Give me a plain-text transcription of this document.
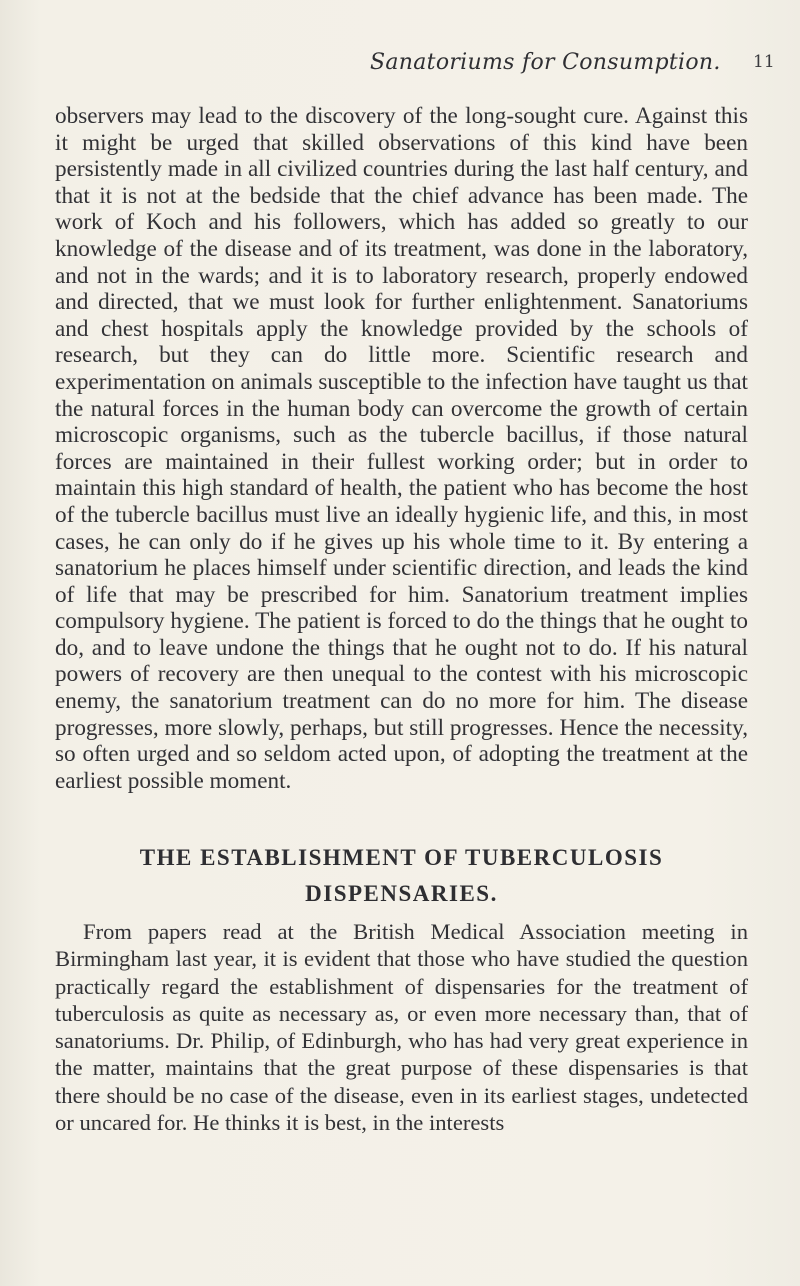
Sanatoriums for Consumption. 11

observers may lead to the discovery of the long-sought cure. Against this it might be urged that skilled observations of this kind have been persistently made in all civilized countries during the last half century, and that it is not at the bedside that the chief advance has been made. The work of Koch and his followers, which has added so greatly to our knowledge of the disease and of its treatment, was done in the laboratory, and not in the wards; and it is to laboratory research, properly endowed and directed, that we must look for further enlightenment. Sanatoriums and chest hospitals apply the knowledge provided by the schools of research, but they can do little more. Scientific research and experimentation on animals susceptible to the infection have taught us that the natural forces in the human body can overcome the growth of certain microscopic organisms, such as the tubercle bacillus, if those natural forces are maintained in their fullest working order; but in order to maintain this high standard of health, the patient who has become the host of the tubercle bacillus must live an ideally hygienic life, and this, in most cases, he can only do if he gives up his whole time to it. By entering a sanatorium he places himself under scientific direction, and leads the kind of life that may be prescribed for him. Sanatorium treatment implies compulsory hygiene. The patient is forced to do the things that he ought to do, and to leave undone the things that he ought not to do. If his natural powers of recovery are then unequal to the contest with his microscopic enemy, the sanatorium treatment can do no more for him. The disease progresses, more slowly, perhaps, but still progresses. Hence the necessity, so often urged and so seldom acted upon, of adopting the treatment at the earliest possible moment.

THE ESTABLISHMENT OF TUBERCULOSIS
DISPENSARIES.

From papers read at the British Medical Association meeting in Birmingham last year, it is evident that those who have studied the question practically regard the establishment of dispensaries for the treatment of tuberculosis as quite as necessary as, or even more necessary than, that of sanatoriums. Dr. Philip, of Edinburgh, who has had very great experience in the matter, maintains that the great purpose of these dispensaries is that there should be no case of the disease, even in its earliest stages, undetected or uncared for. He thinks it is best, in the interests
